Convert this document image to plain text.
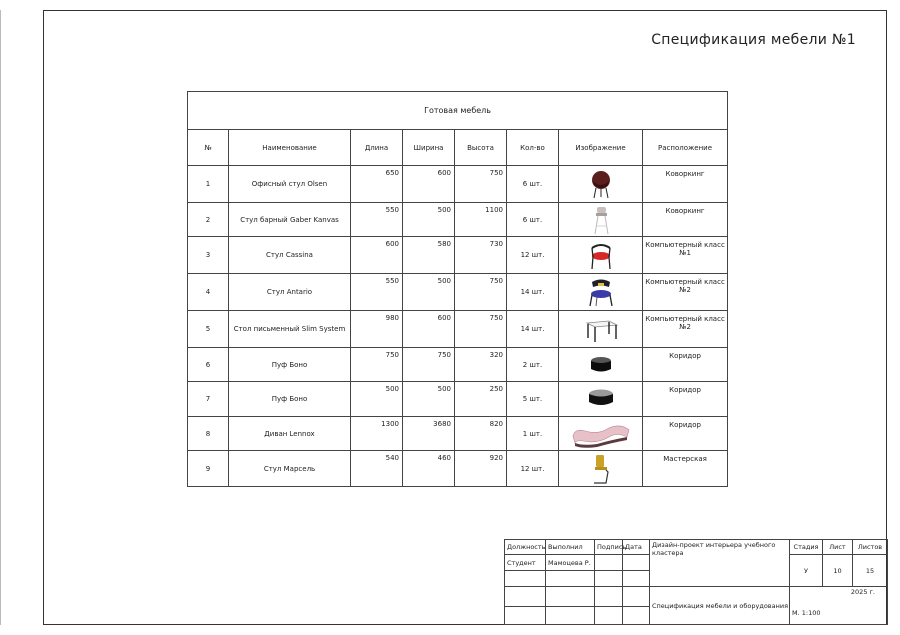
Спецификация мебели №1
Готовая мебель							
№	Наименование	Длина	Ширина	Высота	Кол-во	Изображение	Расположение
1	Офисный стул Olsen	650	600	750	6 шт.		Коворкинг
2	Стул барный Gaber Kanvas	550	500	1100	6 шт.		Коворкинг
3	Стул Cassina	600	580	730	12 шт.		Компьютерный класс №1
4	Стул Antario	550	500	750	14 шт.		Компьютерный класс №2
5	Стол письменный Slim System	980	600	750	14 шт.		Компьютерный класс №2
6	Пуф Боно	750	750	320	2 шт.		Коридор
7	Пуф Боно	500	500	250	5 шт.		Коридор
8	Диван Lennox	1300	3680	820	1 шт.		Коридор
9	Стул Марсель	540	460	920	12 шт.		Мастерская
Должность	Выполнил	Подпись	Дата	Дизайн-проект интерьера учебного кластера	Стадия	Лист	Листов
Студент	Мамоцева Р.				У	10	15

				Спецификация мебели и оборудования	2025 г.
М. 1:100		
